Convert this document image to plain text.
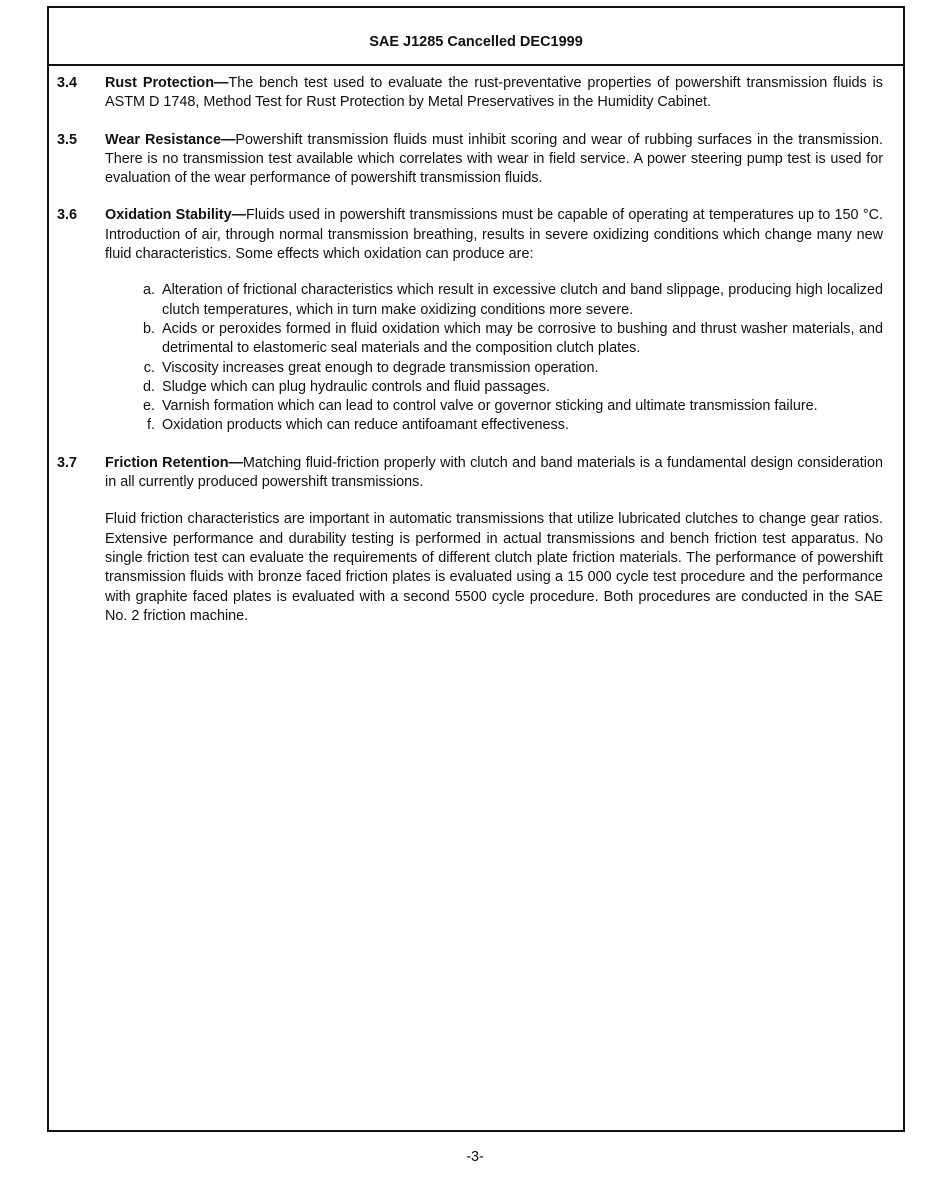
SAE J1285 Cancelled DEC1999
3.4	Rust Protection—The bench test used to evaluate the rust-preventative properties of powershift transmission fluids is ASTM D 1748, Method Test for Rust Protection by Metal Preservatives in the Humidity Cabinet.

3.5	Wear Resistance—Powershift transmission fluids must inhibit scoring and wear of rubbing surfaces in the transmission. There is no transmission test available which correlates with wear in field service. A power steering pump test is used for evaluation of the wear performance of powershift transmission fluids.

3.6	Oxidation Stability—Fluids used in powershift transmissions must be capable of operating at temperatures up to 150 °C. Introduction of air, through normal transmission breathing, results in severe oxidizing conditions which change many new fluid characteristics. Some effects which oxidation can produce are:

a. Alteration of frictional characteristics which result in excessive clutch and band slippage, producing high localized clutch temperatures, which in turn make oxidizing conditions more severe.
b. Acids or peroxides formed in fluid oxidation which may be corrosive to bushing and thrust washer materials, and detrimental to elastomeric seal materials and the composition clutch plates.
c. Viscosity increases great enough to degrade transmission operation.
d. Sludge which can plug hydraulic controls and fluid passages.
e. Varnish formation which can lead to control valve or governor sticking and ultimate transmission failure.
f. Oxidation products which can reduce antifoamant effectiveness.
3.7	Friction Retention—Matching fluid-friction properly with clutch and band materials is a fundamental design consideration in all currently produced powershift transmissions.

Fluid friction characteristics are important in automatic transmissions that utilize lubricated clutches to change gear ratios. Extensive performance and durability testing is performed in actual transmissions and bench friction test apparatus. No single friction test can evaluate the requirements of different clutch plate friction materials. The performance of powershift transmission fluids with bronze faced friction plates is evaluated using a 15 000 cycle test procedure and the performance with graphite faced plates is evaluated with a second 5500 cycle procedure. Both procedures are conducted in the SAE No. 2 friction machine.

-3-
